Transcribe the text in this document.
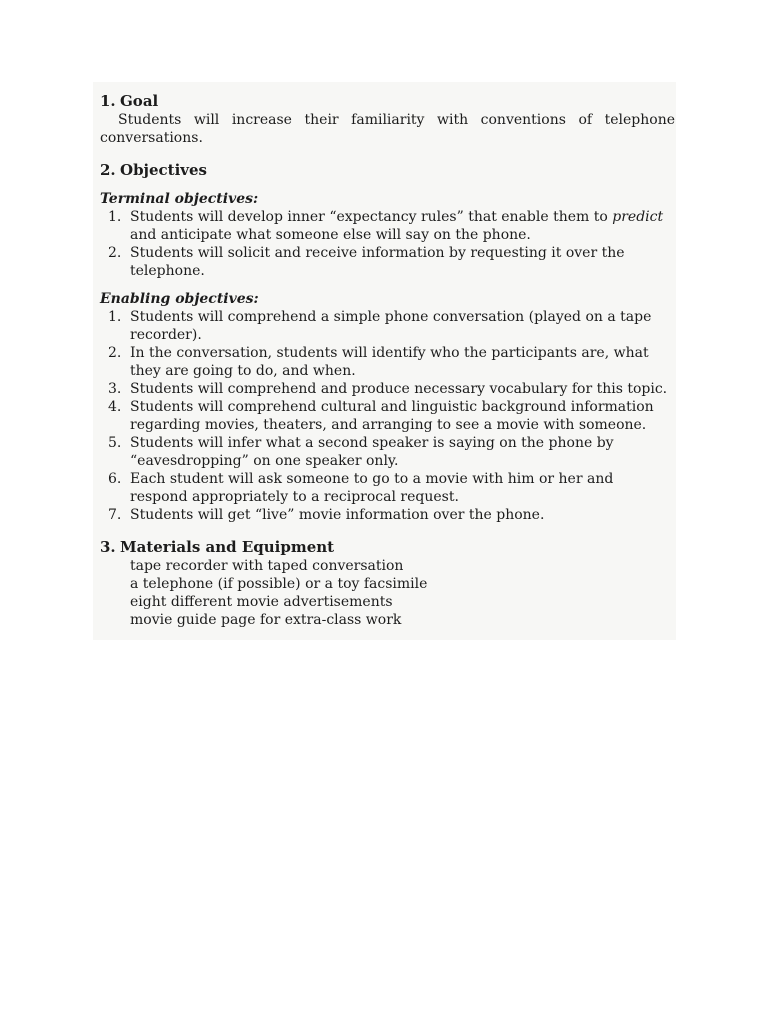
1. Goal

Students will increase their familiarity with conventions of telephone conversations.

2. Objectives
Terminal objectives:
1. Students will develop inner “expectancy rules” that enable them to predict and anticipate what someone else will say on the phone.
2. Students will solicit and receive information by requesting it over the telephone.
Enabling objectives:
1. Students will comprehend a simple phone conversation (played on a tape recorder).
2. In the conversation, students will identify who the participants are, what they are going to do, and when.
3. Students will comprehend and produce necessary vocabulary for this topic.
4. Students will comprehend cultural and linguistic background information regarding movies, theaters, and arranging to see a movie with someone.
5. Students will infer what a second speaker is saying on the phone by “eavesdropping” on one speaker only.
6. Each student will ask someone to go to a movie with him or her and respond appropriately to a reciprocal request.
7. Students will get “live” movie information over the phone.
3. Materials and Equipment
tape recorder with taped conversation
a telephone (if possible) or a toy facsimile
eight different movie advertisements
movie guide page for extra-class work
